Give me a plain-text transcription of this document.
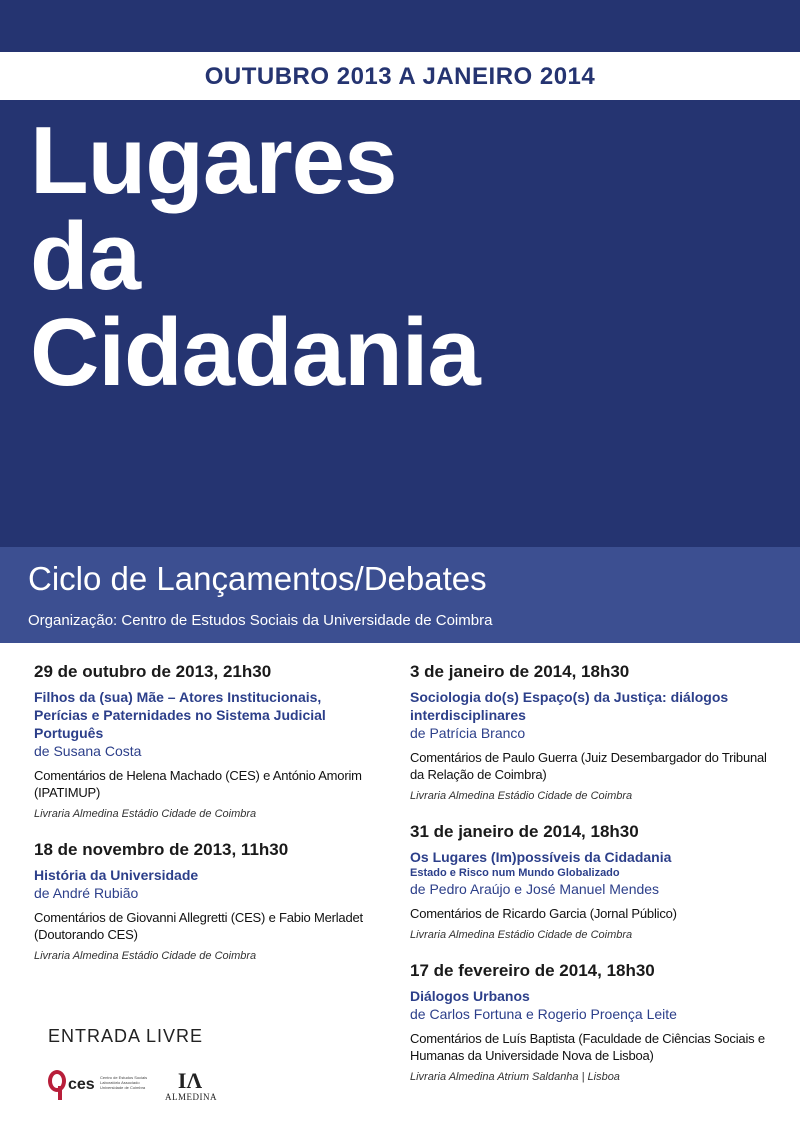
OUTUBRO 2013 A JANEIRO 2014
Lugares
da
Cidadania
Ciclo de Lançamentos/Debates
Organização: Centro de Estudos Sociais da Universidade de Coimbra
29 de outubro de 2013, 21h30
Filhos da (sua) Mãe – Atores Institucionais, Perícias e Paternidades no Sistema Judicial Português
de Susana Costa
Comentários de Helena Machado (CES) e António Amorim (IPATIMUP)
Livraria Almedina Estádio Cidade de Coimbra
18 de novembro de 2013, 11h30
História da Universidade
de André Rubião
Comentários de Giovanni Allegretti (CES) e Fabio Merladet (Doutorando CES)
Livraria Almedina Estádio Cidade de Coimbra
3 de janeiro de 2014, 18h30
Sociologia do(s) Espaço(s) da Justiça: diálogos interdisciplinares
de Patrícia Branco
Comentários de Paulo Guerra (Juiz Desembargador do Tribunal da Relação de Coimbra)
Livraria Almedina Estádio Cidade de Coimbra
31 de janeiro de 2014, 18h30
Os Lugares (Im)possíveis da Cidadania
Estado e Risco num Mundo Globalizado
de Pedro Araújo e José Manuel Mendes
Comentários de Ricardo Garcia (Jornal Público)
Livraria Almedina Estádio Cidade de Coimbra
17 de fevereiro de 2014, 18h30
Diálogos Urbanos
de Carlos Fortuna e Rogerio Proença Leite
Comentários de Luís Baptista (Faculdade de Ciências Sociais e Humanas da Universidade Nova de Lisboa)
Livraria Almedina Atrium Saldanha | Lisboa
ENTRADA LIVRE
ces Centro de Estudos Sociais Laboratório Associado Universidade de Coimbra	ΙΛ
ALMEDINA
